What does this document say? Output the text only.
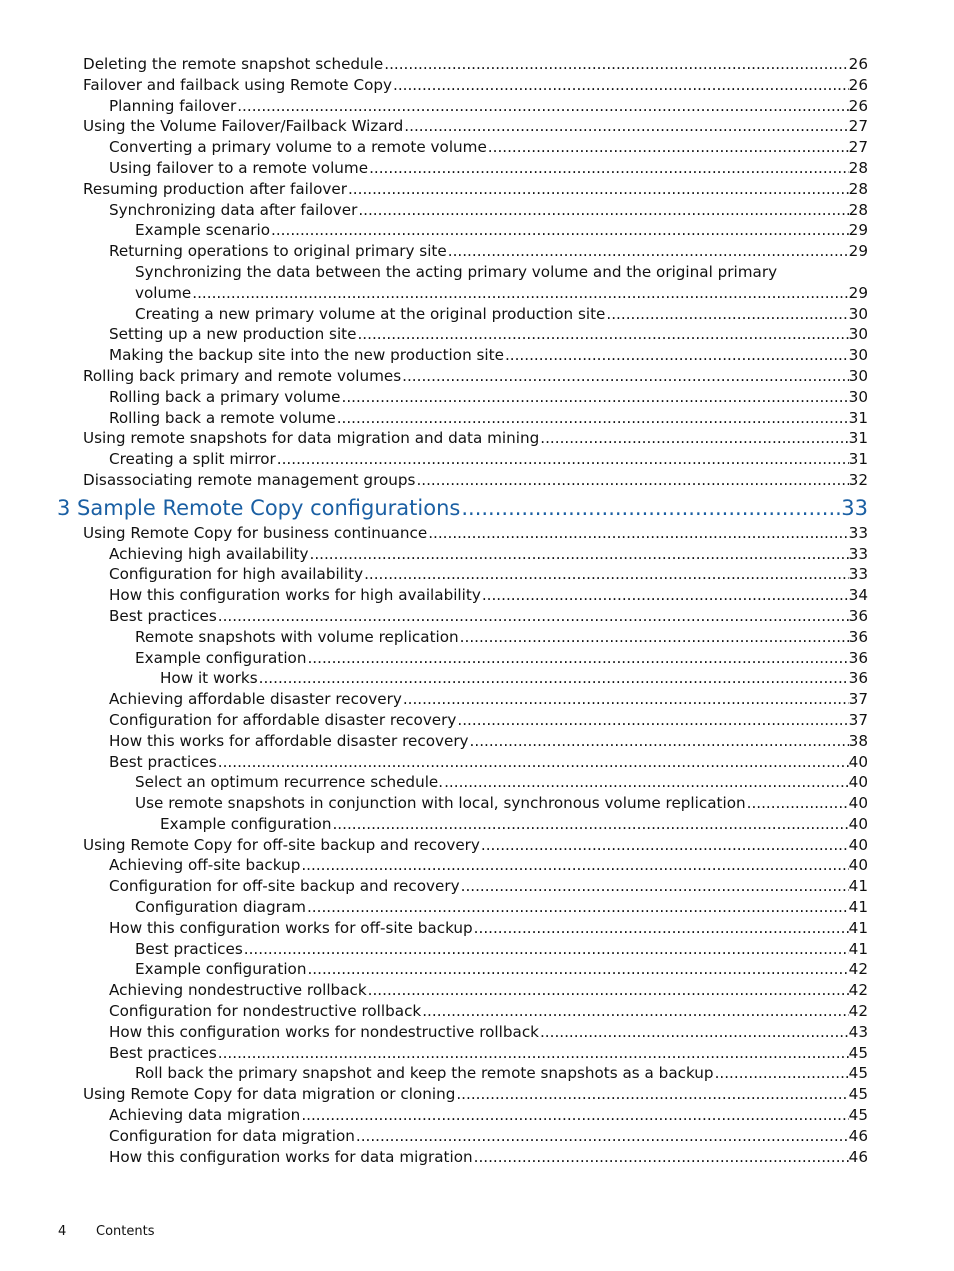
Deleting the remote snapshot schedule .....	26
Failover and failback using Remote Copy .....	26
Planning failover .....	26
Using the Volume Failover/Failback Wizard .....	27
Converting a primary volume to a remote volume .....	27
Using failover to a remote volume .....	28
Resuming production after failover .....	28
Synchronizing data after failover .....	28
Example scenario .....	29
Returning operations to original primary site .....	29
Synchronizing the data between the acting primary volume and the original primary
volume .....	29
Creating a new primary volume at the original production site .....	30
Setting up a new production site .....	30
Making the backup site into the new production site .....	30
Rolling back primary and remote volumes .....	30
Rolling back a primary volume .....	30
Rolling back a remote volume .....	31
Using remote snapshots for data migration and data mining .....	31
Creating a split mirror .....	31
Disassociating remote management groups .....	32
3 Sample Remote Copy configurations .....	33
Using Remote Copy for business continuance .....	33
Achieving high availability .....	33
Configuration for high availability .....	33
How this configuration works for high availability .....	34
Best practices .....	36
Remote snapshots with volume replication .....	36
Example configuration .....	36
How it works .....	36
Achieving affordable disaster recovery .....	37
Configuration for affordable disaster recovery .....	37
How this works for affordable disaster recovery .....	38
Best practices .....	40
Select an optimum recurrence schedule. .....	40
Use remote snapshots in conjunction with local, synchronous volume replication .....	40
Example configuration .....	40
Using Remote Copy for off-site backup and recovery .....	40
Achieving off-site backup .....	40
Configuration for off-site backup and recovery .....	41
Configuration diagram .....	41
How this configuration works for off-site backup .....	41
Best practices .....	41
Example configuration .....	42
Achieving nondestructive rollback .....	42
Configuration for nondestructive rollback .....	42
How this configuration works for nondestructive rollback .....	43
Best practices .....	45
Roll back the primary snapshot and keep the remote snapshots as a backup .....	45
Using Remote Copy for data migration or cloning .....	45
Achieving data migration .....	45
Configuration for data migration .....	46
How this configuration works for data migration .....	46
4 Contents
